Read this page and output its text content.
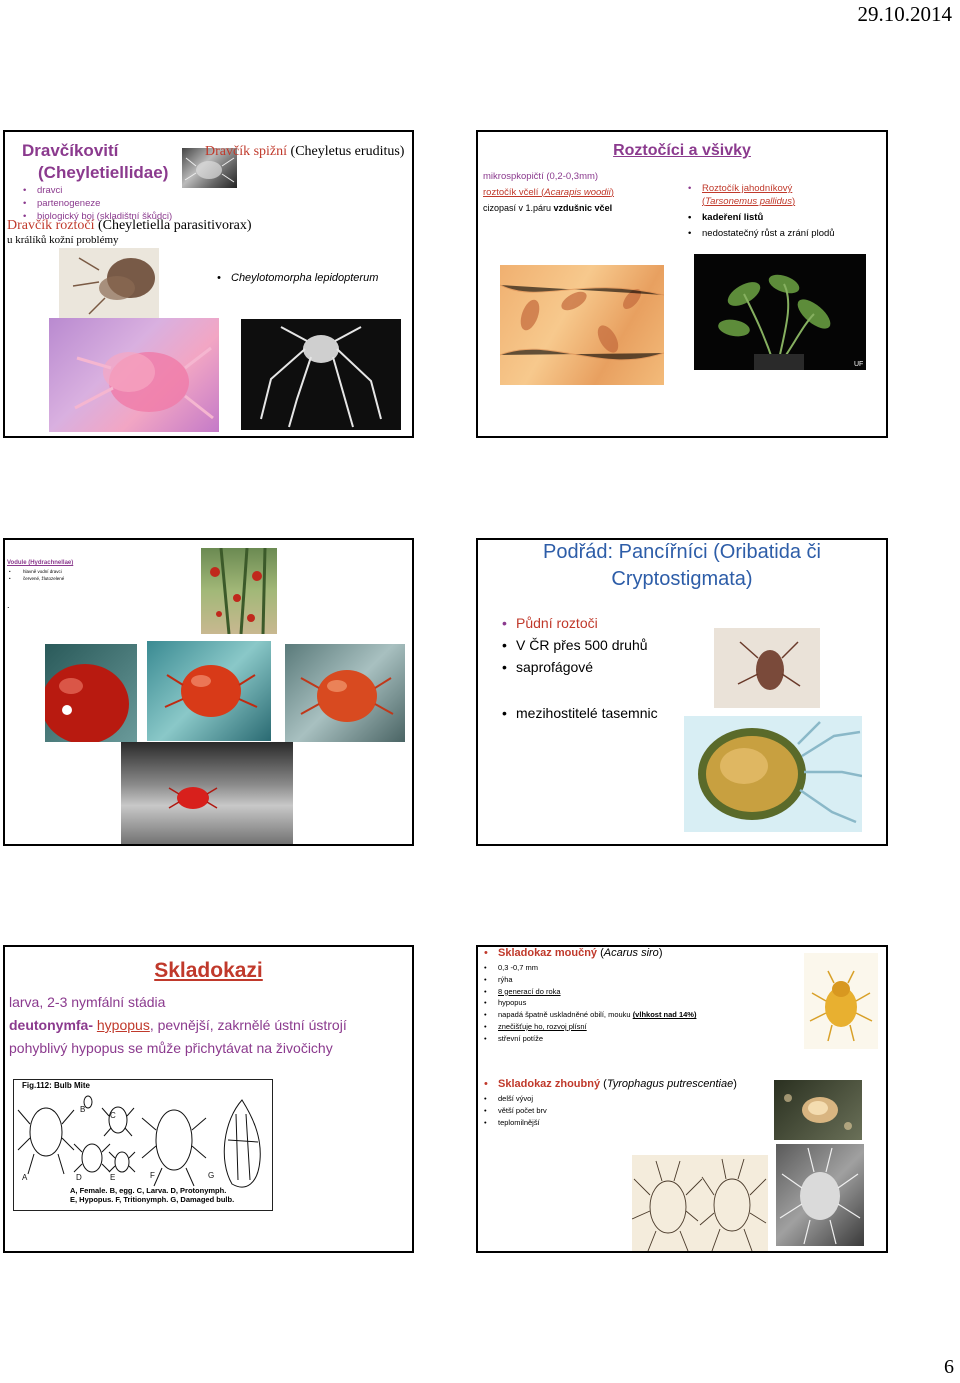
29.10.2014
Dravčíkovití
(Cheyletiellidae)
Dravčík spižní (Cheyletus eruditus)
• dravci
• partenogeneze
• biologický boj (skladištní škůdci)
Dravčík roztočí (Cheyletiella parasitivorax)
u králíků kožní problémy
• Cheylotomorpha lepidopterum
Roztočíci a všivky
mikrospkopičtí (0,2-0,3mm)
roztočík včelí (Acarapis woodii)
cizopasí v 1.páru vzdušnic včel
• Roztočík jahodníkový
(Tarsonemus pallidus)
• kadeření listů
• nedostatečný růst a zrání plodů
UF
Vodule (Hydrachnellae)
• hlavně vodní dravci
• červené, žlutozelené
.
Podřád: Pancířníci (Oribatida či Cryptostigmata)
• Půdní roztoči
• V ČR přes 500 druhů
• saprofágové
• mezihostitelé tasemnic
Skladokazi
larva, 2-3 nymfální stádia
deutonymfa- hypopus, pevnější, zakrnělé ústní ústrojí
pohyblivý hypopus se může přichytávat na živočichy
Fig.112: Bulb Mite
A
B
C
D	E	F	G
A, Female. B, egg. C, Larva. D, Protonymph.
E, Hypopus. F, Tritionymph. G, Damaged bulb.
• Skladokaz moučný (Acarus siro)
• 0,3 -0,7 mm
• rýha
• 8 generací do roka
• hypopus
• napadá špatně uskladněné obilí, mouku (vlhkost nad 14%)
• znečišťuje ho, rozvoj plísní
• střevní potíže
• Skladokaz zhoubný (Tyrophagus putrescentiae)
• delší vývoj
• větší počet brv
• teplomilnější
6
